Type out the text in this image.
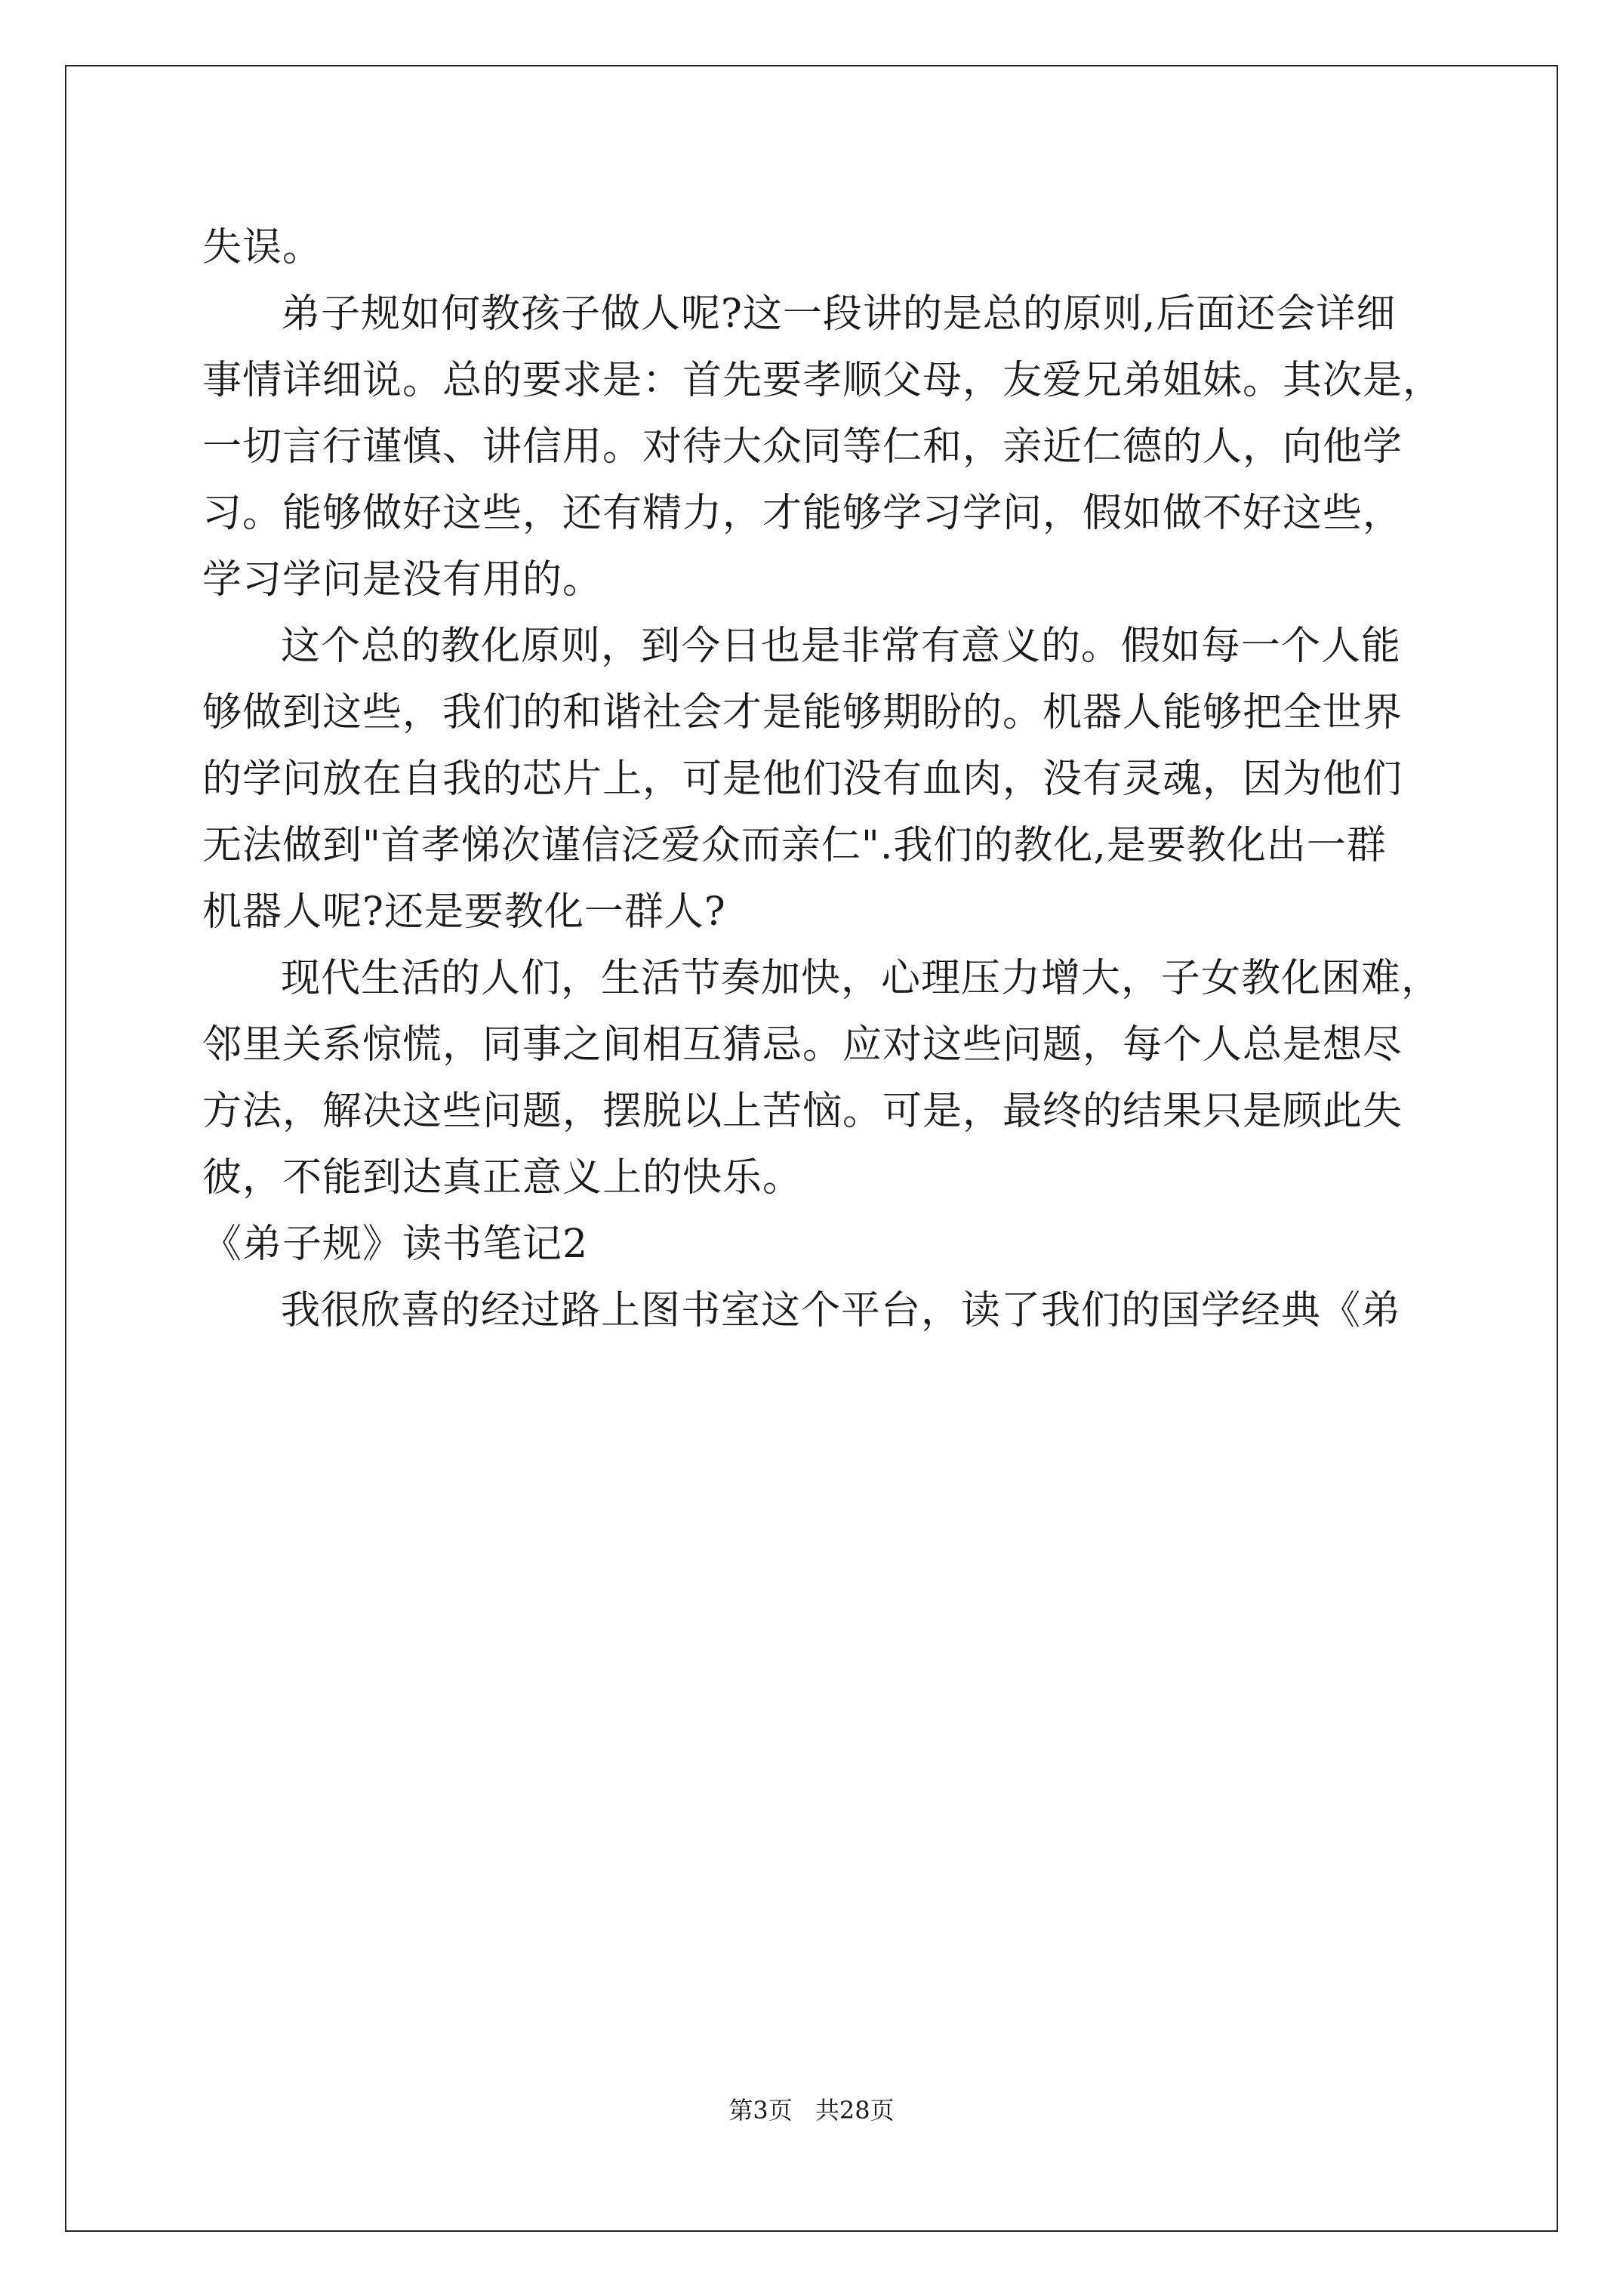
失误。

弟子规如何教孩子做人呢?这一段讲的是总的原则,后面还会详细

事情详细说。总的要求是：首先要孝顺父母，友爱兄弟姐妹。其次是，

一切言行谨慎、讲信用。对待大众同等仁和，亲近仁德的人，向他学

习。能够做好这些，还有精力，才能够学习学问，假如做不好这些，

学习学问是没有用的。

这个总的教化原则，到今日也是非常有意义的。假如每一个人能

够做到这些，我们的和谐社会才是能够期盼的。机器人能够把全世界

的学问放在自我的芯片上，可是他们没有血肉，没有灵魂，因为他们

无法做到"首孝悌次谨信泛爱众而亲仁".我们的教化,是要教化出一群

机器人呢?还是要教化一群人?

现代生活的人们，生活节奏加快，心理压力增大，子女教化困难，

邻里关系惊慌，同事之间相互猜忌。应对这些问题，每个人总是想尽

方法，解决这些问题，摆脱以上苦恼。可是，最终的结果只是顾此失

彼，不能到达真正意义上的快乐。

《弟子规》读书笔记2

我很欣喜的经过路上图书室这个平台，读了我们的国学经典《弟

第3页 共28页
